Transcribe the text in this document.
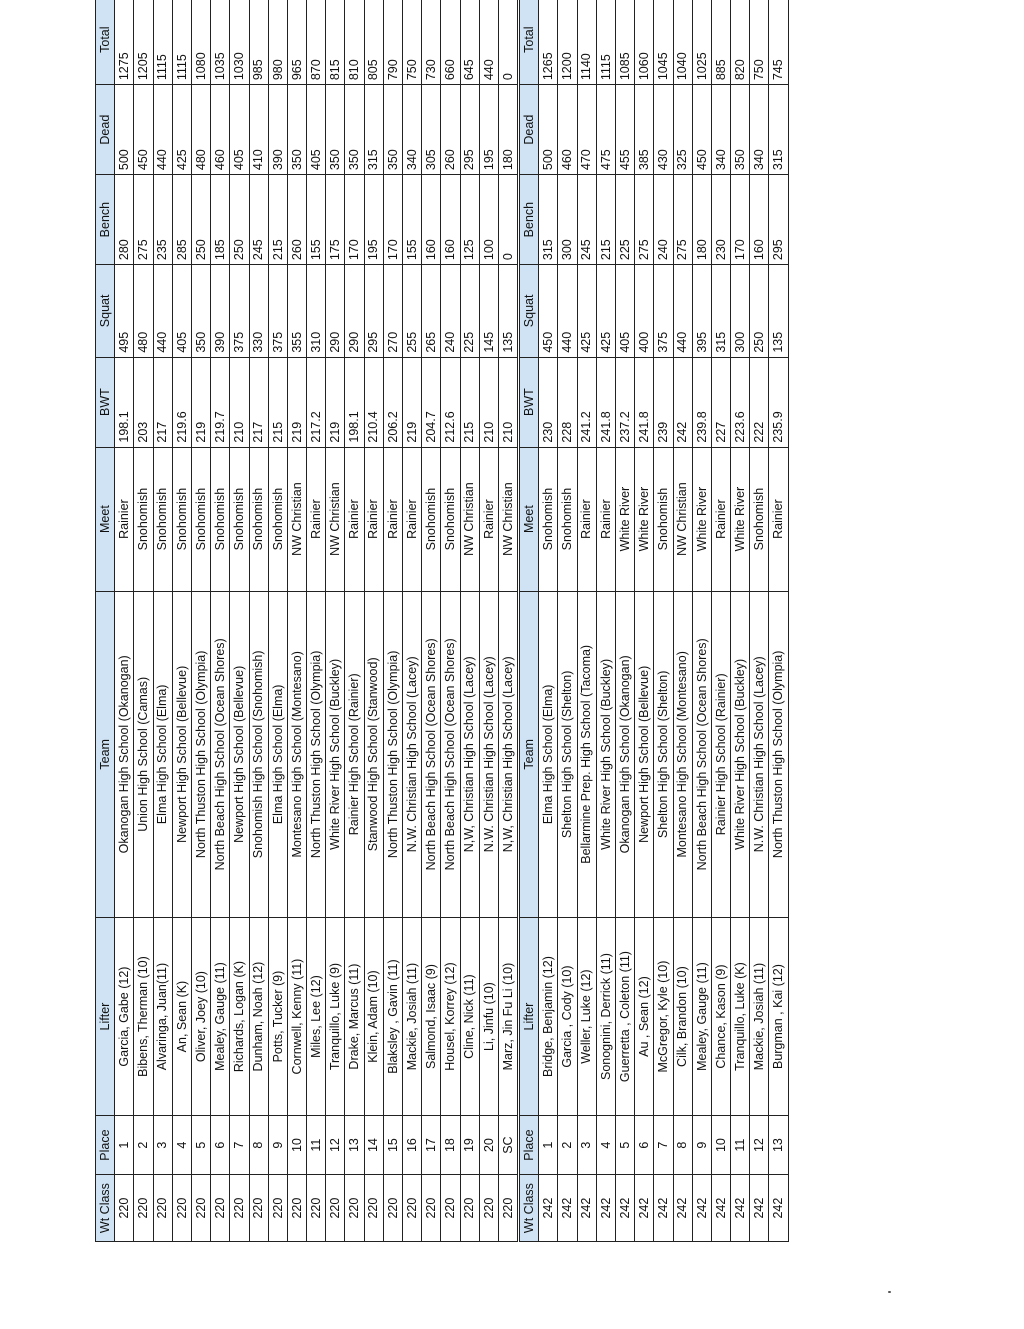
Wt Class	Place	Lifter	Team	Meet	BWT	Squat	Bench	Dead	Total		
220	1	Garcia, Gabe (12)	Okanogan High School (Okanogan)	Rainier	198.1	495	280	500	1275		
220	2	Bibens, Therman (10)	Union High School (Camas)	Snohomish	203	480	275	450	1205		
220	3	Alvaringa, Juan(11)	Elma High School (Elma)	Snohomish	217	440	235	440	1115		
220	4	An, Sean (K)	Newport High School (Bellevue)	Snohomish	219.6	405	285	425	1115		
220	5	Oliver, Joey (10)	North Thuston High School (Olympia)	Snohomish	219	350	250	480	1080		
220	6	Mealey, Gauge (11)	North Beach High School (Ocean Shores)	Snohomish	219.7	390	185	460	1035		
220	7	Richards, Logan (K)	Newport High School (Bellevue)	Snohomish	210	375	250	405	1030		
220	8	Dunham, Noah (12)	Snohomish High School (Snohomish)	Snohomish	217	330	245	410	985		
220	9	Potts, Tucker (9)	Elma High School (Elma)	Snohomish	215	375	215	390	980		
220	10	Cornwell, Kenny (11)	Montesano High School (Montesano)	NW Christian	219	355	260	350	965		
220	11	Miles, Lee (12)	North Thuston High School (Olympia)	Rainier	217.2	310	155	405	870		
220	12	Tranquillo, Luke (9)	White River High School (Buckley)	NW Christian	219	290	175	350	815		
220	13	Drake, Marcus (11)	Rainier High School (Rainier)	Rainier	198.1	290	170	350	810		
220	14	Klein, Adam (10)	Stanwood High School (Stanwood)	Rainier	210.4	295	195	315	805		
220	15	Blaksley , Gavin (11)	North Thuston High School (Olympia)	Rainier	206.2	270	170	350	790		
220	16	Mackie, Josiah (11)	N.W. Christian High School (Lacey)	Rainier	219	255	155	340	750		
220	17	Salmond, Isaac (9)	North Beach High School (Ocean Shores)	Snohomish	204.7	265	160	305	730		
220	18	Housel, Korrey (12)	North Beach High School (Ocean Shores)	Snohomish	212.6	240	160	260	660		
220	19	Cline, Nick (11)	N,W, Christian High School (Lacey)	NW Christian	215	225	125	295	645		
220	20	Li, Jinfu (10)	N.W. Christian High School (Lacey)	Rainier	210	145	100	195	440		
220	SC	Marz, Jin Fu Li (10)	N,W, Christian High School (Lacey)	NW Christian	210	135	0	180	0		
Wt Class	Place	Lifter	Team	Meet	BWT	Squat	Bench	Dead	Total		
242	1	Bridge, Benjamin (12)	Elma High School (Elma)	Snohomish	230	450	315	500	1265		
242	2	Garcia , Cody (10)	Shelton High School (Shelton)	Snohomish	228	440	300	460	1200		
242	3	Weller, Luke (12)	Bellarmine Prep. High School (Tacoma)	Rainier	241.2	425	245	470	1140		
242	4	Sonognini, Derrick (11)	White River High School (Buckley)	Rainier	241.8	425	215	475	1115		
242	5	Guerretta , Coleton (11)	Okanogan High School (Okanogan)	White River	237.2	405	225	455	1085		
242	6	Au , Sean (12)	Newport High School (Bellevue)	White River	241.8	400	275	385	1060		
242	7	McGregor, Kyle (10)	Shelton High School (Shelton)	Snohomish	239	375	240	430	1045		
242	8	Cilk, Brandon (10)	Montesano High School (Montesano)	NW Christian	242	440	275	325	1040		
242	9	Mealey, Gauge (11)	North Beach High School (Ocean Shores)	White River	239.8	395	180	450	1025		
242	10	Chance, Kason (9)	Rainier High School (Rainier)	Rainier	227	315	230	340	885		
242	11	Tranquillo, Luke (K)	White River High School (Buckley)	White River	223.6	300	170	350	820		
242	12	Mackie, Josiah (11)	N.W. Christian High School (Lacey)	Snohomish	222	250	160	340	750		
242	13	Burgman , Kai (12)	North Thuston High School (Olympia)	Rainier	235.9	135	295	315	745		
